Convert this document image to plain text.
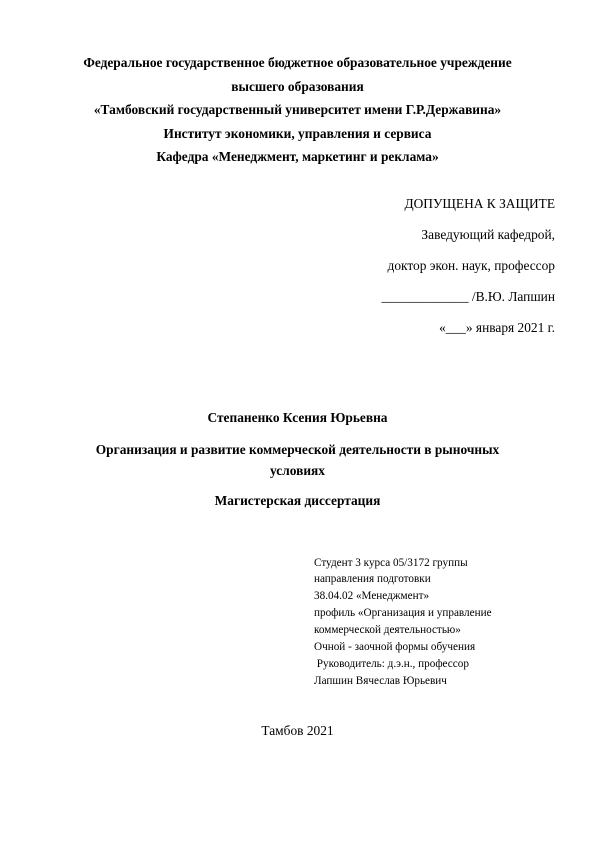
Федеральное государственное бюджетное образовательное учреждение
высшего образования
«Тамбовский государственный университет имени Г.Р.Державина»
Институт экономики, управления и сервиса
Кафедра «Менеджмент, маркетинг и реклама»
ДОПУЩЕНА К ЗАЩИТЕ
Заведующий кафедрой,
доктор экон. наук, профессор
_____________ /В.Ю. Лапшин
«___» января 2021 г.
Степаненко Ксения Юрьевна
Организация и развитие коммерческой деятельности в рыночных
условиях
Магистерская диссертация
Студент 3 курса 05/3172 группы
направления подготовки
38.04.02 «Менеджмент»
профиль «Организация и управление
коммерческой деятельностью»
Очной - заочной формы обучения
Руководитель: д.э.н., профессор
Лапшин Вячеслав Юрьевич
Тамбов 2021
